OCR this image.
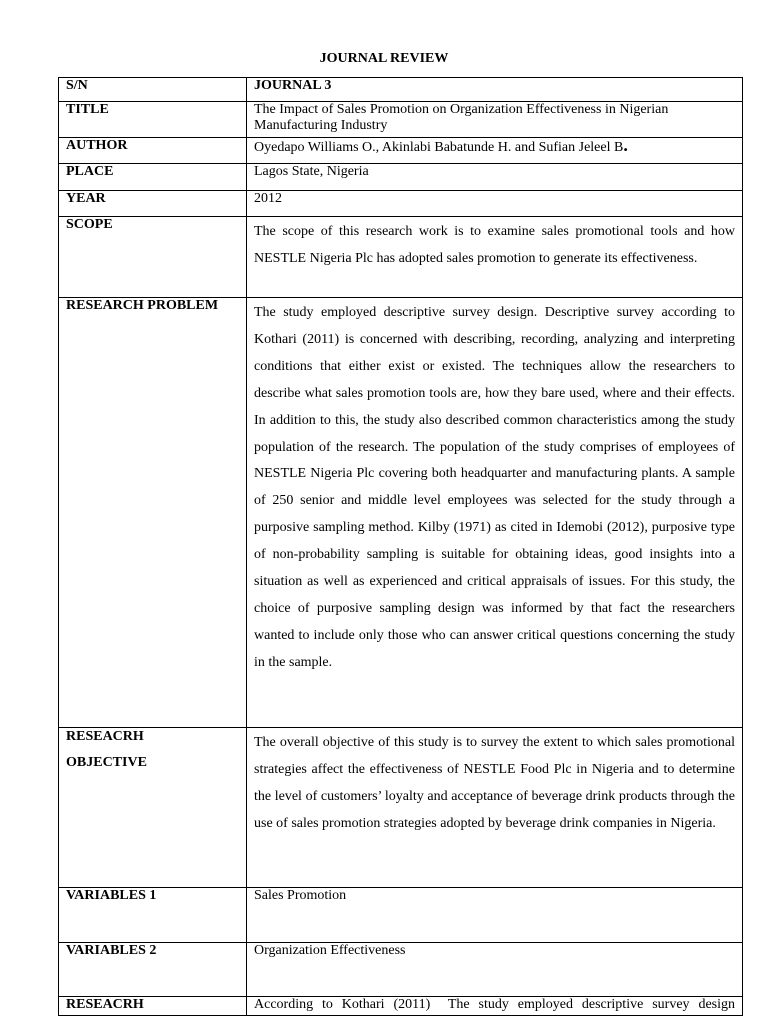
JOURNAL REVIEW
S/N	JOURNAL 3
TITLE	The Impact of Sales Promotion on Organization Effectiveness in Nigerian Manufacturing Industry
AUTHOR	Oyedapo Williams O., Akinlabi Babatunde H. and Sufian Jeleel B.
PLACE	Lagos State, Nigeria
YEAR	2012
SCOPE	The scope of this research work is to examine sales promotional tools and how NESTLE Nigeria Plc has adopted sales promotion to generate its effectiveness.
RESEARCH PROBLEM	The study employed descriptive survey design. Descriptive survey according to Kothari (2011) is concerned with describing, recording, analyzing and interpreting conditions that either exist or existed. The techniques allow the researchers to describe what sales promotion tools are, how they bare used, where and their effects. In addition to this, the study also described common characteristics among the study population of the research. The population of the study comprises of employees of NESTLE Nigeria Plc covering both headquarter and manufacturing plants. A sample of 250 senior and middle level employees was selected for the study through a purposive sampling method. Kilby (1971) as cited in Idemobi (2012), purposive type of non-probability sampling is suitable for obtaining ideas, good insights into a situation as well as experienced and critical appraisals of issues. For this study, the choice of purposive sampling design was informed by that fact the researchers wanted to include only those who can answer critical questions concerning the study in the sample.

RESEACRH
OBJECTIVE	The overall objective of this study is to survey the extent to which sales promotional strategies affect the effectiveness of NESTLE Food Plc in Nigeria and to determine the level of customers’ loyalty and acceptance of beverage drink products through the use of sales promotion strategies adopted by beverage drink companies in Nigeria.
VARIABLES 1	Sales Promotion
VARIABLES 2	Organization Effectiveness
RESEACRH	According to Kothari (2011)  The study employed descriptive survey design
